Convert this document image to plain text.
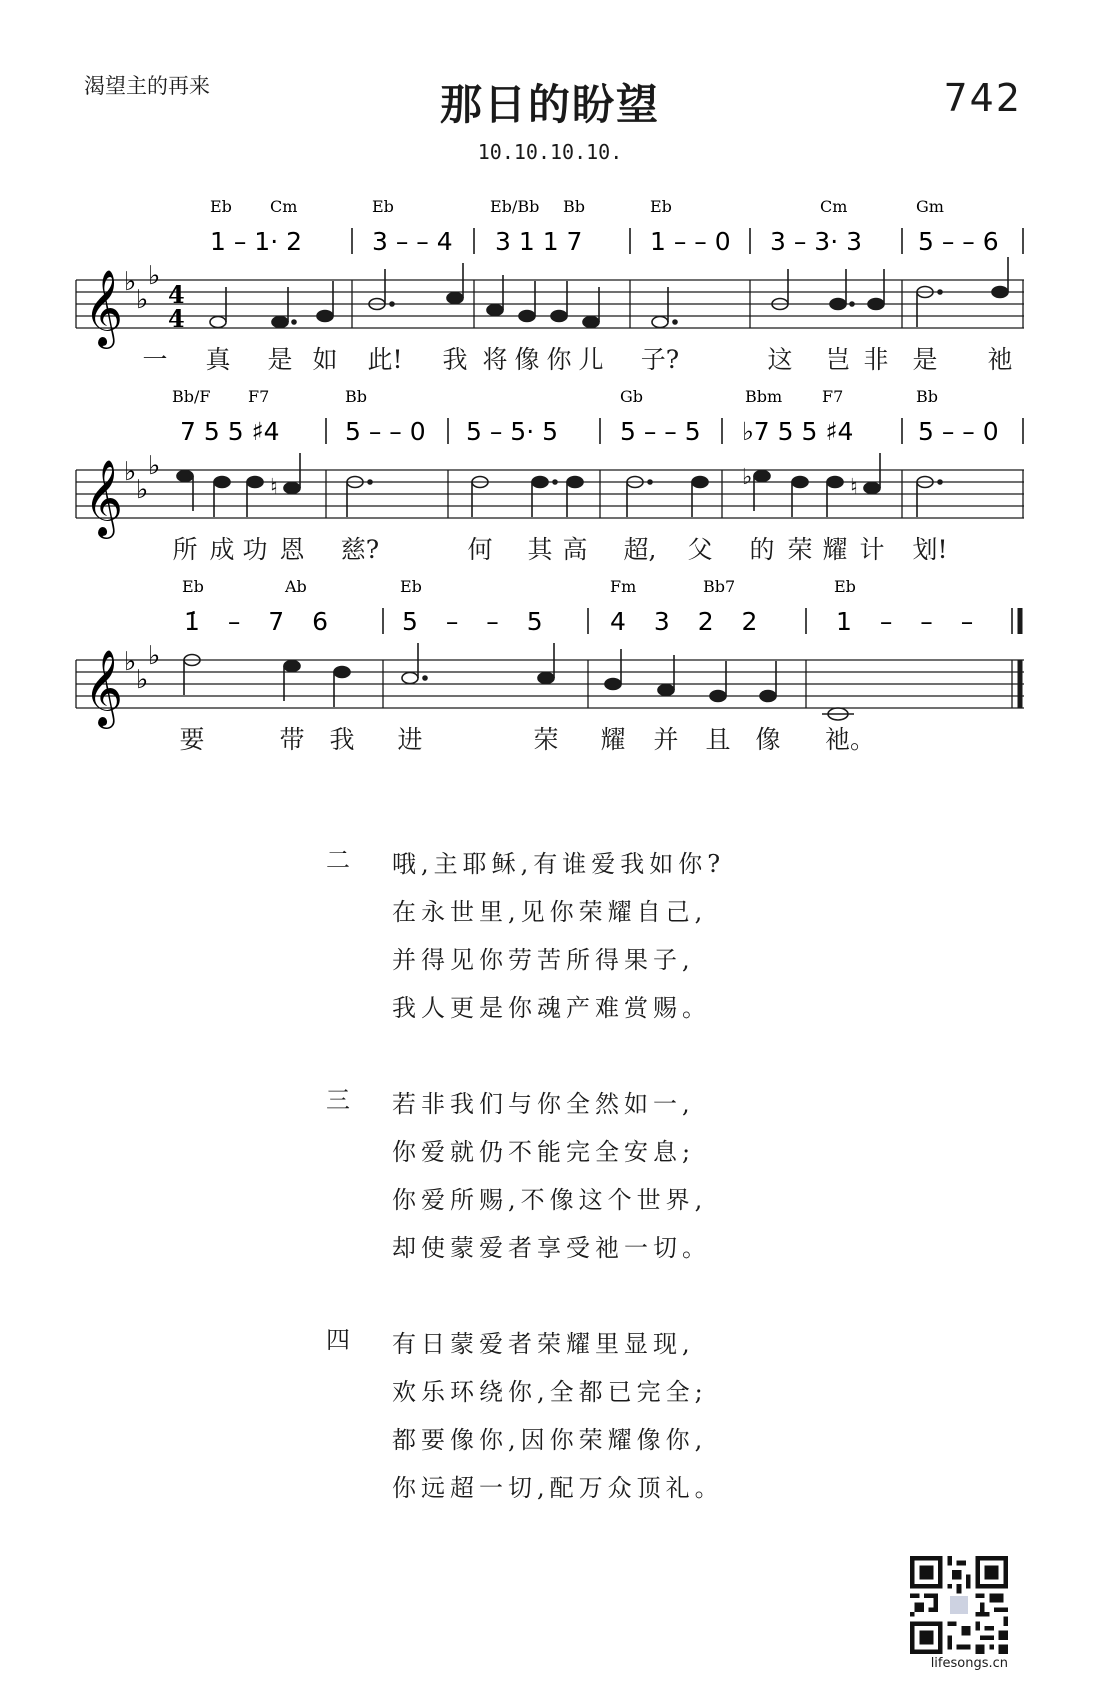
渴望主的再来	那日的盼望	742
10.10.10.10.
Eb Cm	Eb	Eb/Bb Bb	Eb	Cm	Gm
1 – 1· 2	3 – – 4 3 1 1 7	1 – – 0 3 – 3· 3 5 – – 6
𝄞 ♭
♭
♭
4
4
一 真 是 如 此! 我 将 像 你 儿 子?	这 岂 非 是 祂
Bb/F F7	Bb	Gb	Bbm F7	Bb
7 5 5 ♯4	5 – – 0 5 – 5· 5 5 – – 5 ♭7 5 5 ♯4	5 – – 0
𝄞 ♭
♭
♭
♮	♭	♮
所 成 功 恩 慈?	何 其 高 超, 父 的 荣 耀 计 划!
Eb	Ab	Eb	Fm	Bb7	Eb
1̇ – 7 6	5 – – 5 4 3 2 2	1 – – –
𝄞 ♭
♭
♭
要	带 我 进	荣 耀 并 且 像 祂。
二 哦,主耶稣,有谁爱我如你?
在永世里,见你荣耀自己,
并得见你劳苦所得果子,
我人更是你魂产难赏赐。
三 若非我们与你全然如一,
你爱就仍不能完全安息;
你爱所赐,不像这个世界,
却使蒙爱者享受祂一切。
四 有日蒙爱者荣耀里显现,
欢乐环绕你,全都已完全;
都要像你,因你荣耀像你,
你远超一切,配万众顶礼。
lifesongs.cn
